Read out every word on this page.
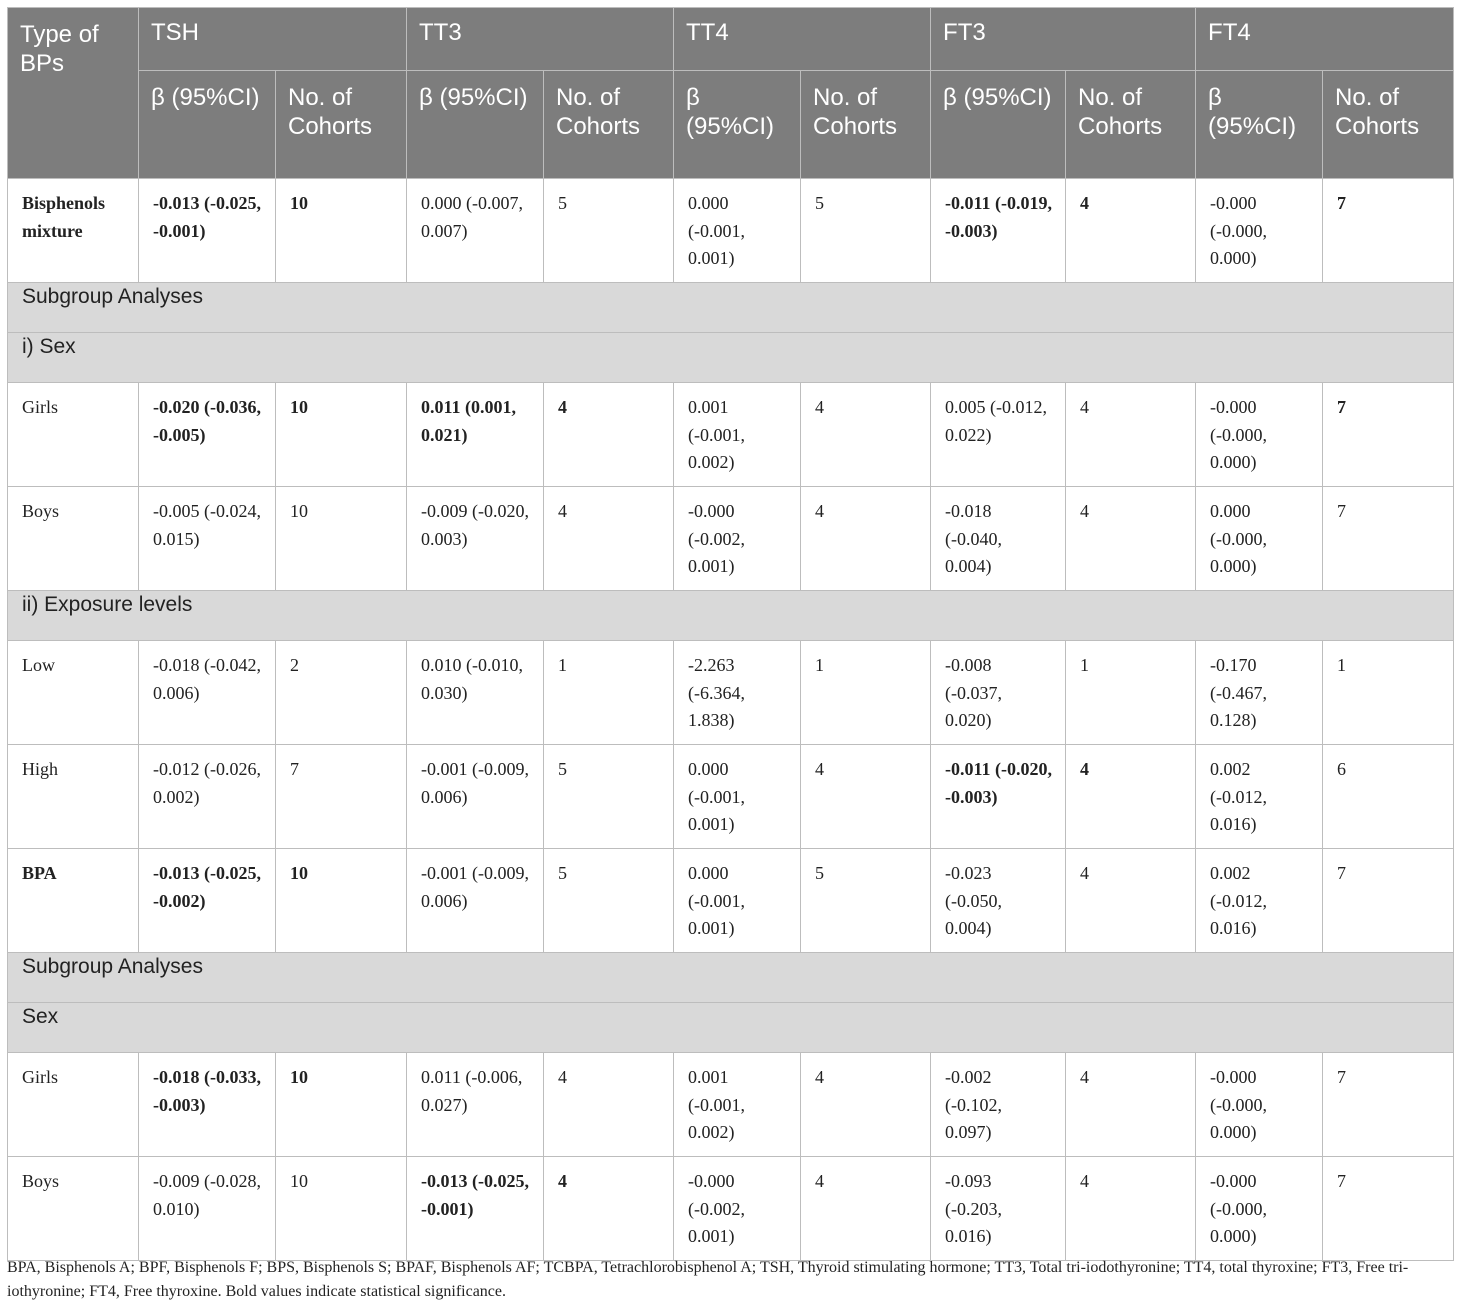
Type of BPs	TSH		TT3		TT4		FT3		FT4	
	β (95%CI)	No. of Cohorts	β (95%CI)	No. of Cohorts	β (95%CI)	No. of Cohorts	β (95%CI)	No. of Cohorts	β (95%CI)	No. of Cohorts
Bisphenols mixture	-0.013 (-0.025, -0.001)	10	0.000 (-0.007, 0.007)	5	0.000 (-0.001, 0.001)	5	-0.011 (-0.019, -0.003)	4	-0.000 (-0.000, 0.000)	7
Subgroup Analyses										
i) Sex										
Girls	-0.020 (-0.036, -0.005)	10	0.011 (0.001, 0.021)	4	0.001 (-0.001, 0.002)	4	0.005 (-0.012, 0.022)	4	-0.000 (-0.000, 0.000)	7
Boys	-0.005 (-0.024, 0.015)	10	-0.009 (-0.020, 0.003)	4	-0.000 (-0.002, 0.001)	4	-0.018 (-0.040, 0.004)	4	0.000 (-0.000, 0.000)	7
ii) Exposure levels										
Low	-0.018 (-0.042, 0.006)	2	0.010 (-0.010, 0.030)	1	-2.263 (-6.364, 1.838)	1	-0.008 (-0.037, 0.020)	1	-0.170 (-0.467, 0.128)	1
High	-0.012 (-0.026, 0.002)	7	-0.001 (-0.009, 0.006)	5	0.000 (-0.001, 0.001)	4	-0.011 (-0.020, -0.003)	4	0.002 (-0.012, 0.016)	6
BPA	-0.013 (-0.025, -0.002)	10	-0.001 (-0.009, 0.006)	5	0.000 (-0.001, 0.001)	5	-0.023 (-0.050, 0.004)	4	0.002 (-0.012, 0.016)	7
Subgroup Analyses										
Sex										
Girls	-0.018 (-0.033, -0.003)	10	0.011 (-0.006, 0.027)	4	0.001 (-0.001, 0.002)	4	-0.002 (-0.102, 0.097)	4	-0.000 (-0.000, 0.000)	7
Boys	-0.009 (-0.028, 0.010)	10	-0.013 (-0.025, -0.001)	4	-0.000 (-0.002, 0.001)	4	-0.093 (-0.203, 0.016)	4	-0.000 (-0.000, 0.000)	7

BPA, Bisphenols A; BPF, Bisphenols F; BPS, Bisphenols S; BPAF, Bisphenols AF; TCBPA, Tetrachlorobisphenol A; TSH, Thyroid stimulating hormone; TT3, Total tri-iodothyronine; TT4, total thyroxine; FT3, Free tri-iothyronine; FT4, Free thyroxine. Bold values indicate statistical significance.
